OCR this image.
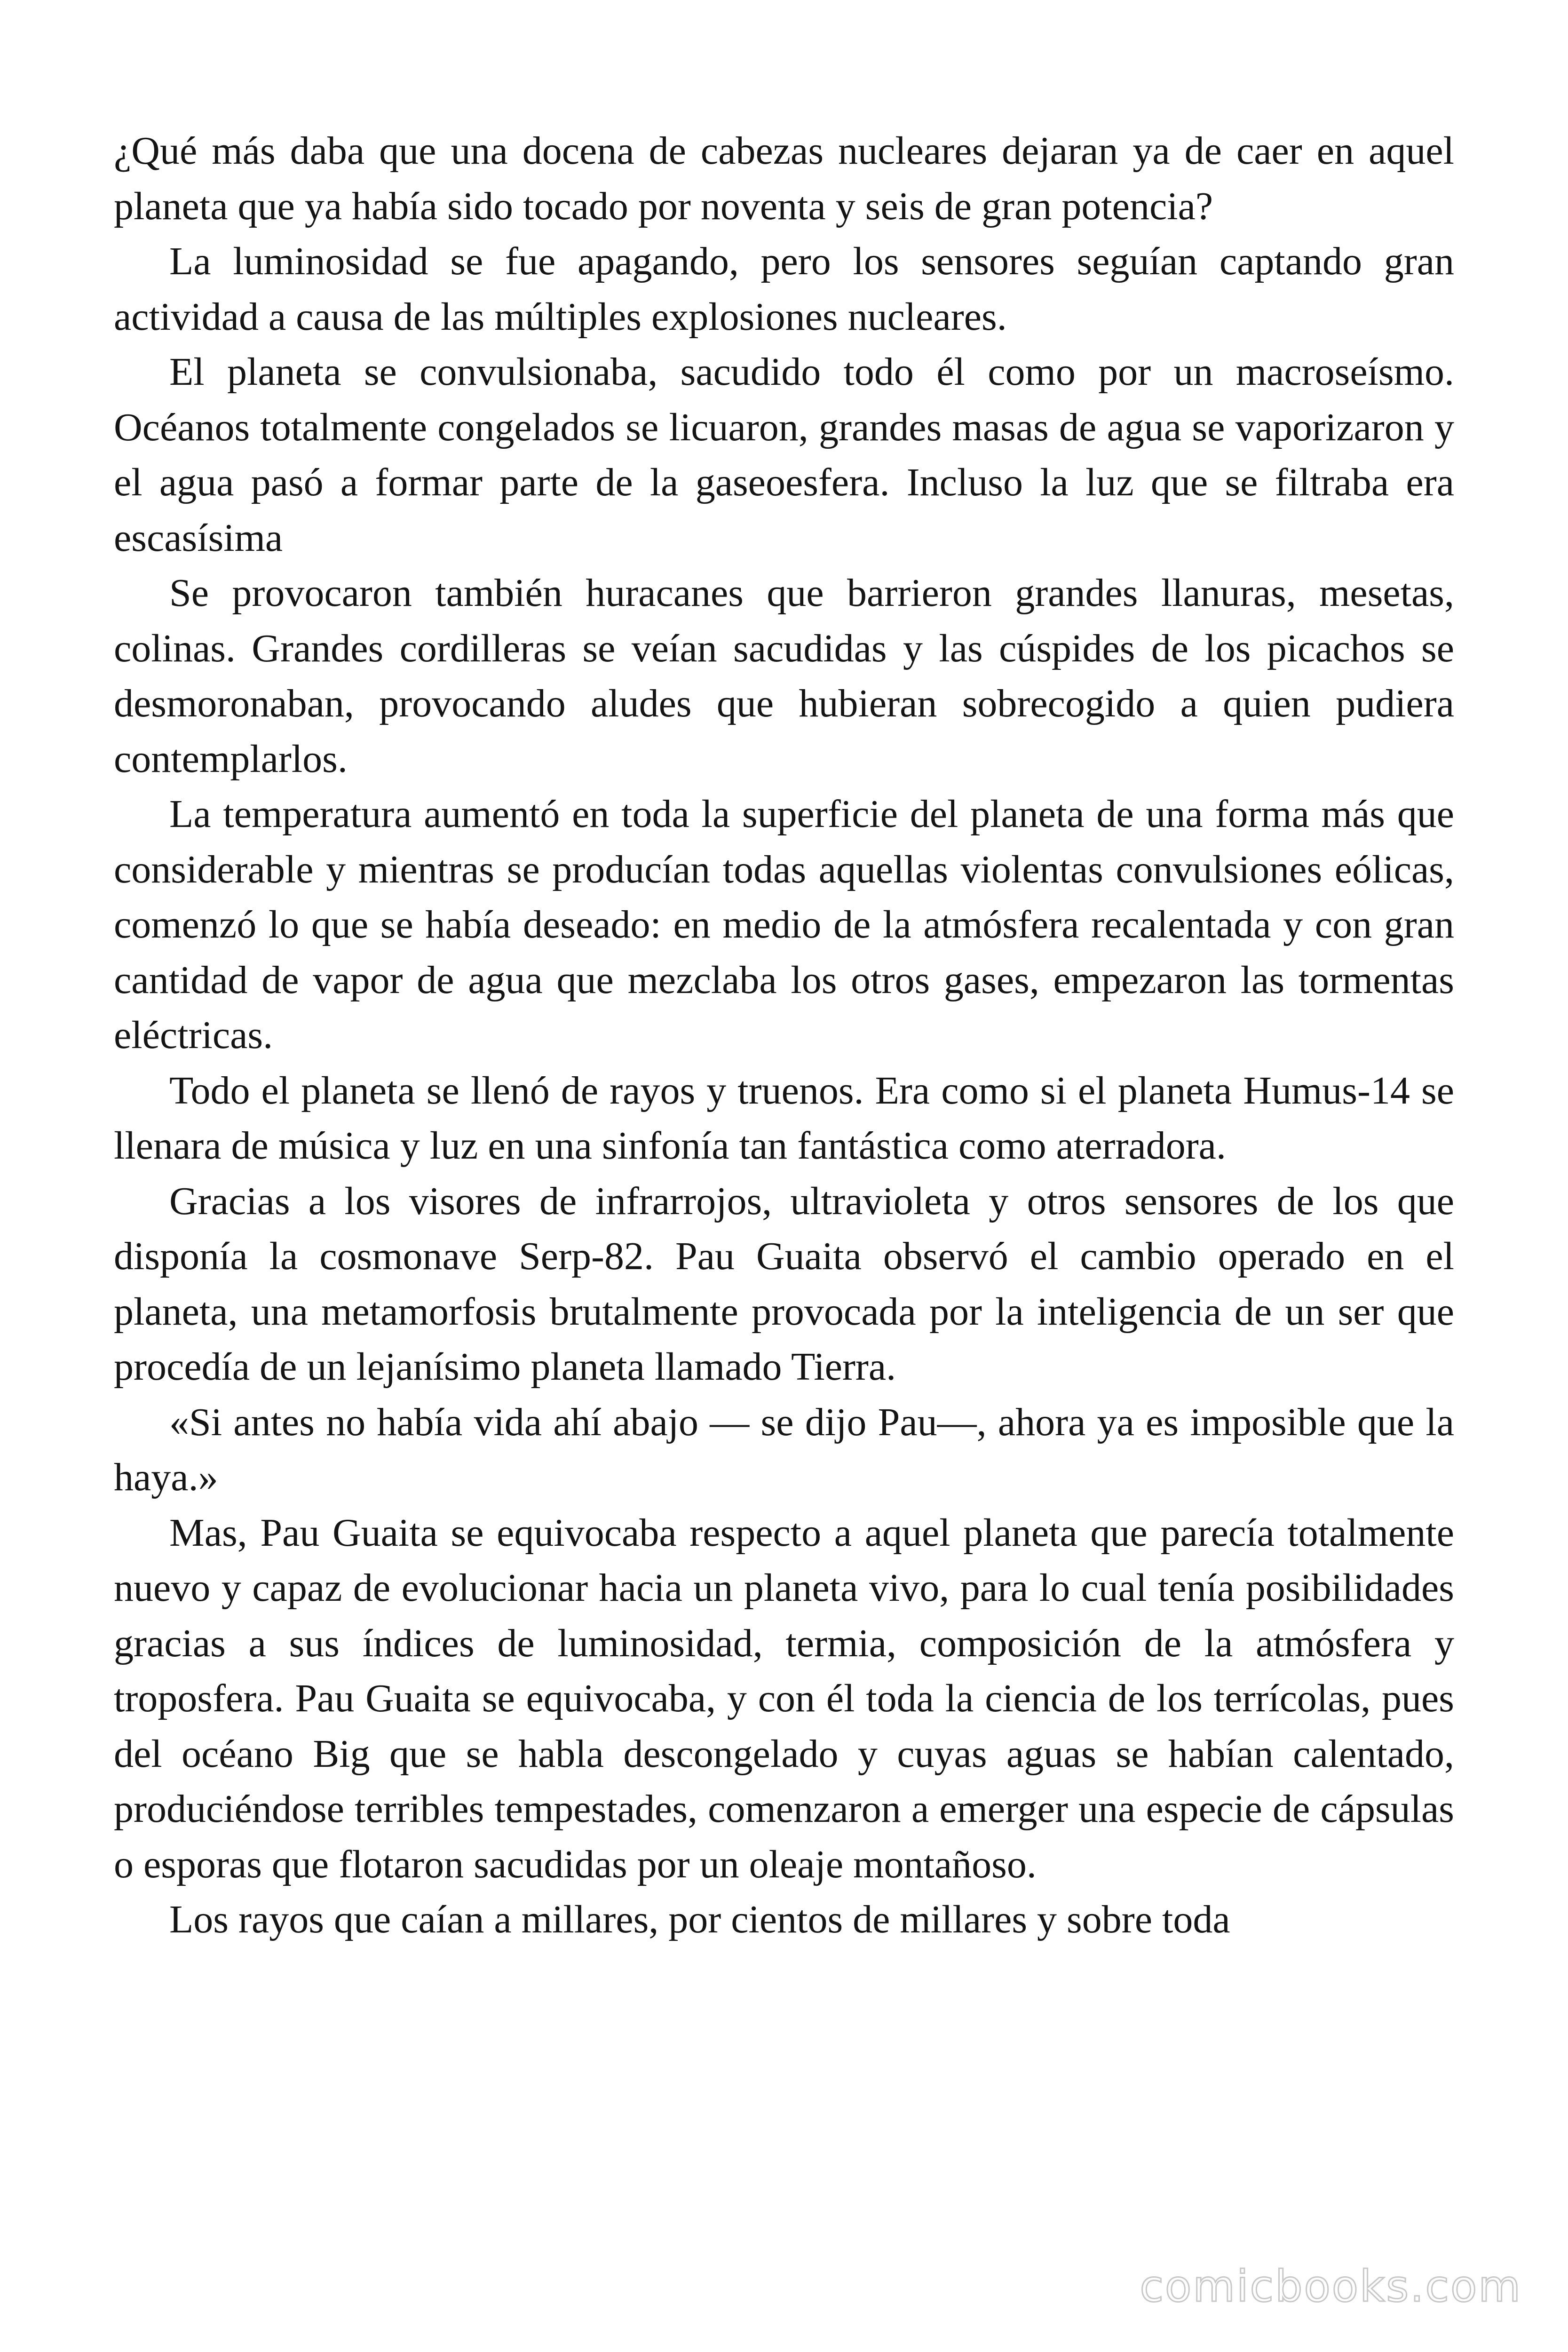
¿Qué más daba que una docena de cabezas nucleares dejaran ya de caer en aquel planeta que ya había sido tocado por noventa y seis de gran potencia?

La luminosidad se fue apagando, pero los sensores seguían captando gran actividad a causa de las múltiples explosiones nucleares.

El planeta se convulsionaba, sacudido todo él como por un macroseísmo. Océanos totalmente congelados se licuaron, grandes masas de agua se vaporizaron y el agua pasó a formar parte de la gaseoesfera. Incluso la luz que se filtraba era escasísima

Se provocaron también huracanes que barrieron grandes llanuras, mesetas, colinas. Grandes cordilleras se veían sacudidas y las cúspides de los picachos se desmoronaban, provocando aludes que hubieran sobrecogido a quien pudiera contemplarlos.

La temperatura aumentó en toda la superficie del planeta de una forma más que considerable y mientras se producían todas aquellas violentas convulsiones eólicas, comenzó lo que se había deseado: en medio de la atmósfera recalentada y con gran cantidad de vapor de agua que mezclaba los otros gases, empezaron las tormentas eléctricas.

Todo el planeta se llenó de rayos y truenos. Era como si el planeta Humus-14 se llenara de música y luz en una sinfonía tan fantástica como aterradora.

Gracias a los visores de infrarrojos, ultravioleta y otros sensores de los que disponía la cosmonave Serp-82. Pau Guaita observó el cambio operado en el planeta, una metamorfosis brutalmente provocada por la inteligencia de un ser que procedía de un lejanísimo planeta llamado Tierra.

«Si antes no había vida ahí abajo — se dijo Pau—, ahora ya es imposible que la haya.»

Mas, Pau Guaita se equivocaba respecto a aquel planeta que parecía totalmente nuevo y capaz de evolucionar hacia un planeta vivo, para lo cual tenía posibilidades gracias a sus índices de luminosidad, termia, composición de la atmósfera y troposfera. Pau Guaita se equivocaba, y con él toda la ciencia de los terrícolas, pues del océano Big que se habla descongelado y cuyas aguas se habían calentado, produciéndose terribles tempestades, comenzaron a emerger una especie de cápsulas o esporas que flotaron sacudidas por un oleaje montañoso.

Los rayos que caían a millares, por cientos de millares y sobre toda

comicbooks.com
